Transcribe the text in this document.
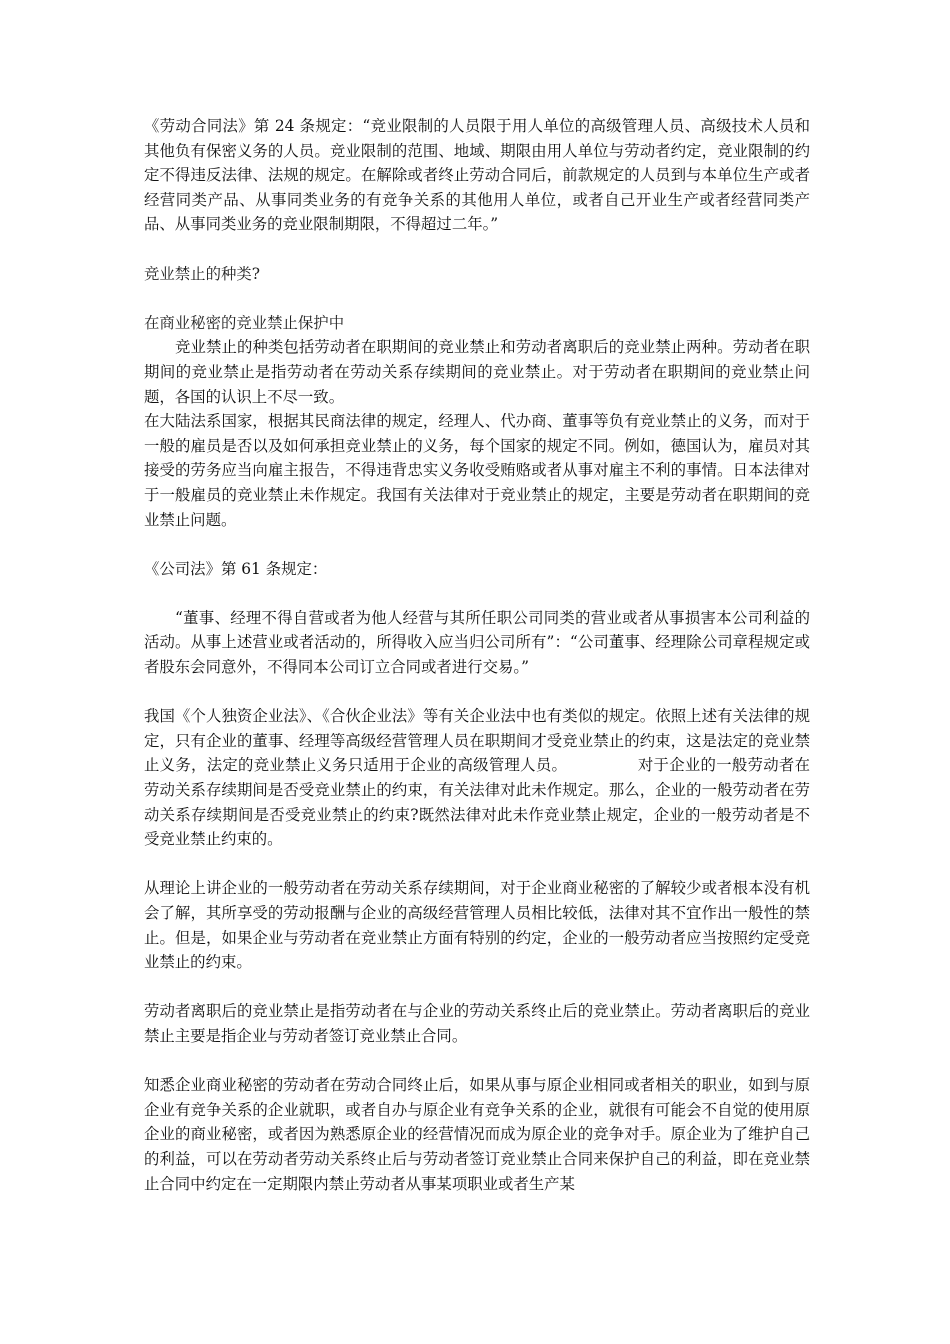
《劳动合同法》第 24 条规定：“竞业限制的人员限于用人单位的高级管理人员、高级技术人员和其他负有保密义务的人员。竞业限制的范围、地域、期限由用人单位与劳动者约定，竞业限制的约定不得违反法律、法规的规定。在解除或者终止劳动合同后，前款规定的人员到与本单位生产或者经营同类产品、从事同类业务的有竞争关系的其他用人单位，或者自己开业生产或者经营同类产品、从事同类业务的竞业限制期限，不得超过二年。”

竞业禁止的种类?

在商业秘密的竞业禁止保护中

竞业禁止的种类包括劳动者在职期间的竞业禁止和劳动者离职后的竞业禁止两种。劳动者在职期间的竞业禁止是指劳动者在劳动关系存续期间的竞业禁止。对于劳动者在职期间的竞业禁止问题，各国的认识上不尽一致。

在大陆法系国家，根据其民商法律的规定，经理人、代办商、董事等负有竞业禁止的义务，而对于一般的雇员是否以及如何承担竞业禁止的义务，每个国家的规定不同。例如，德国认为，雇员对其接受的劳务应当向雇主报告，不得违背忠实义务收受贿赂或者从事对雇主不利的事情。日本法律对于一般雇员的竞业禁止未作规定。我国有关法律对于竞业禁止的规定，主要是劳动者在职期间的竞业禁止问题。

《公司法》第 61 条规定：

“董事、经理不得自营或者为他人经营与其所任职公司同类的营业或者从事损害本公司利益的活动。从事上述营业或者活动的，所得收入应当归公司所有”：“公司董事、经理除公司章程规定或者股东会同意外，不得同本公司订立合同或者进行交易。”

我国《个人独资企业法》、《合伙企业法》等有关企业法中也有类似的规定。依照上述有关法律的规定，只有企业的董事、经理等高级经营管理人员在职期间才受竞业禁止的约束，这是法定的竞业禁止义务，法定的竞业禁止义务只适用于企业的高级管理人员。　　　　　对于企业的一般劳动者在劳动关系存续期间是否受竞业禁止的约束，有关法律对此未作规定。那么，企业的一般劳动者在劳动关系存续期间是否受竞业禁止的约束?既然法律对此未作竞业禁止规定，企业的一般劳动者是不受竞业禁止约束的。

从理论上讲企业的一般劳动者在劳动关系存续期间，对于企业商业秘密的了解较少或者根本没有机会了解，其所享受的劳动报酬与企业的高级经营管理人员相比较低，法律对其不宜作出一般性的禁止。但是，如果企业与劳动者在竞业禁止方面有特别的约定，企业的一般劳动者应当按照约定受竞业禁止的约束。

劳动者离职后的竞业禁止是指劳动者在与企业的劳动关系终止后的竞业禁止。劳动者离职后的竞业禁止主要是指企业与劳动者签订竞业禁止合同。

知悉企业商业秘密的劳动者在劳动合同终止后，如果从事与原企业相同或者相关的职业，如到与原企业有竞争关系的企业就职，或者自办与原企业有竞争关系的企业，就很有可能会不自觉的使用原企业的商业秘密，或者因为熟悉原企业的经营情况而成为原企业的竞争对手。原企业为了维护自己的利益，可以在劳动者劳动关系终止后与劳动者签订竞业禁止合同来保护自己的利益，即在竞业禁止合同中约定在一定期限内禁止劳动者从事某项职业或者生产某
